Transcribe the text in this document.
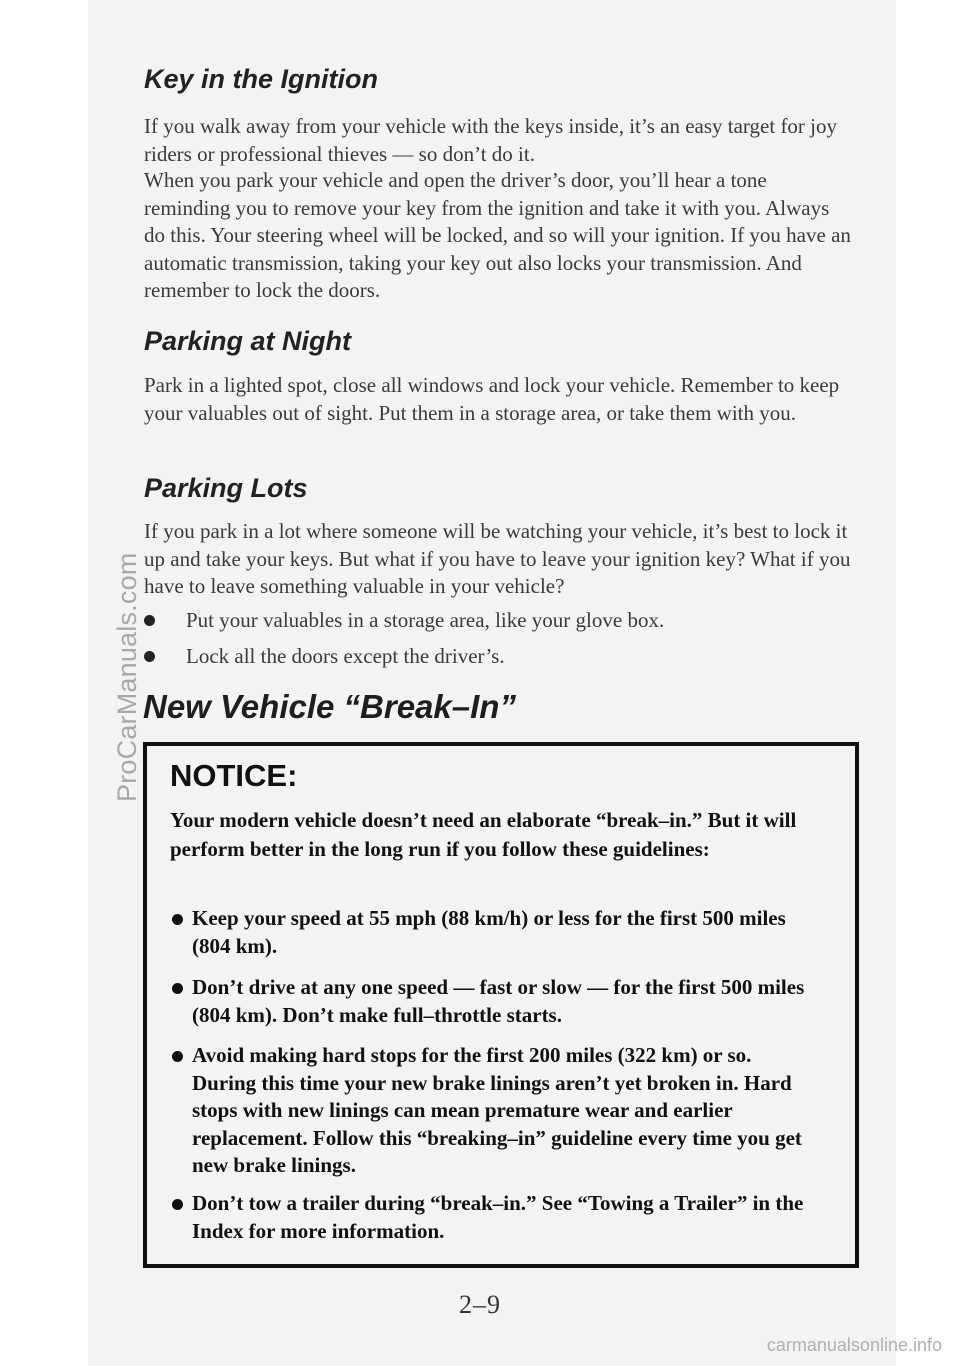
ProCarManuals.com
Key in the Ignition

If you walk away from your vehicle with the keys inside, it’s an easy target for joy riders or professional thieves — so don’t do it.

When you park your vehicle and open the driver’s door, you’ll hear a tone reminding you to remove your key from the ignition and take it with you. Always do this. Your steering wheel will be locked, and so will your ignition. If you have an automatic transmission, taking your key out also locks your transmission. And remember to lock the doors.

Parking at Night

Park in a lighted spot, close all windows and lock your vehicle. Remember to keep your valuables out of sight. Put them in a storage area, or take them with you.

Parking Lots

If you park in a lot where someone will be watching your vehicle, it’s best to lock it up and take your keys. But what if you have to leave your ignition key? What if you have to leave something valuable in your vehicle?

Put your valuables in a storage area, like your glove box.
Lock all the doors except the driver’s.
New Vehicle “Break–In”
NOTICE:
Your modern vehicle doesn’t need an elaborate “break–in.” But it will perform better in the long run if you follow these guidelines:
Keep your speed at 55 mph (88 km/h) or less for the first 500 miles (804 km).
Don’t drive at any one speed — fast or slow — for the first 500 miles (804 km). Don’t make full–throttle starts.
Avoid making hard stops for the first 200 miles (322 km) or so. During this time your new brake linings aren’t yet broken in. Hard stops with new linings can mean premature wear and earlier replacement. Follow this “breaking–in” guideline every time you get new brake linings.
Don’t tow a trailer during “break–in.” See “Towing a Trailer” in the Index for more information.
2–9
carmanualsonline.info
